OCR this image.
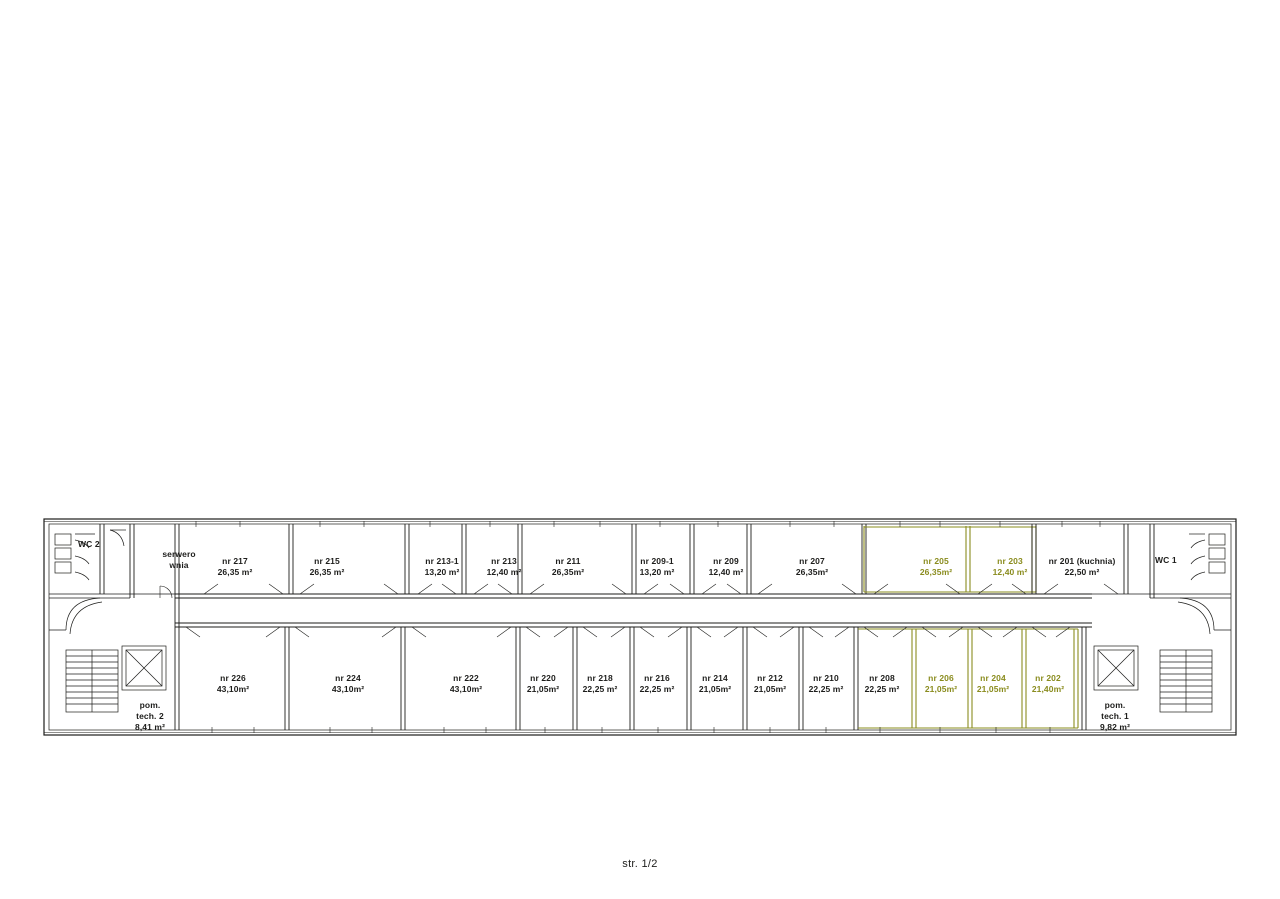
WC 2
serwero
wnia	nr 217
26,35 m²
nr 215
26,35 m²
nr 213-1
13,20 m²
nr 213
12,40 m²
nr 211
26,35m²
nr 209-1
13,20 m²
nr 209
12,40 m²
nr 207
26,35m²
nr 205
26,35m²
nr 203
12,40 m²
nr 201 (kuchnia)
22,50 m²
WC 1
pom.
tech. 2
8,41 m²
nr 226
43,10m²
nr 224
43,10m²
nr 222
43,10m²
nr 220
21,05m²
nr 218
22,25 m²
nr 216
22,25 m²
nr 214
21,05m²
nr 212
21,05m²
nr 210
22,25 m²
nr 208
22,25 m²
nr 206
21,05m²
nr 204
21,05m²
nr 202
21,40m²
pom.
tech. 1
9,82 m²
str. 1/2
